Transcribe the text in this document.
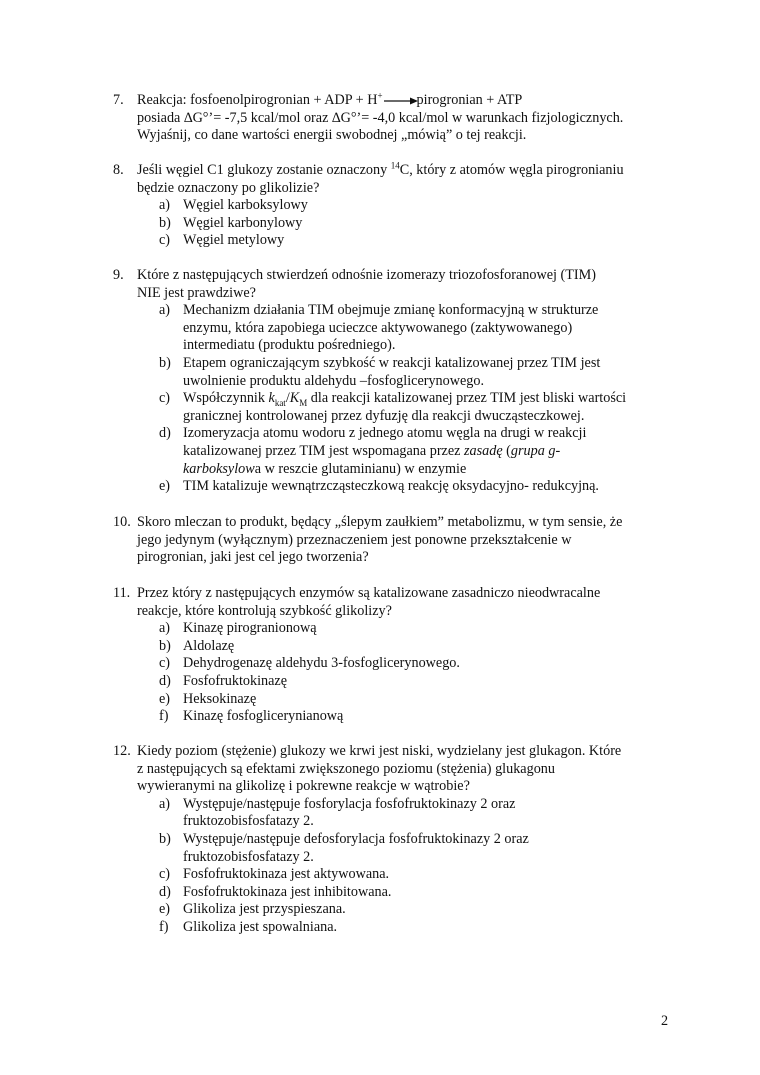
7. Reakcja: fosfoenolpirogronian + ADP + H+ →pirogronian + ATP
posiada ∆G°’= -7,5 kcal/mol oraz ∆G°’= -4,0 kcal/mol w warunkach fizjologicznych.
Wyjaśnij, co dane wartości energii swobodnej „mówią” o tej reakcji.
8. Jeśli węgiel C1 glukozy zostanie oznaczony $^{14}$C, który z atomów węgla pirogronianiu
będzie oznaczony po glikolizie?
a) Węgiel karboksylowy
b) Węgiel karbonylowy
c) Węgiel metylowy
9. Które z następujących stwierdzeń odnośnie izomerazy triozofosforanowej (TIM)
NIE jest prawdziwe?
a) Mechanizm działania TIM obejmuje zmianę konformacyjną w strukturze
enzymu, która zapobiega ucieczce aktywowanego (zaktywowanego)
intermediatu (produktu pośredniego).
b) Etapem ograniczającym szybkość w reakcji katalizowanej przez TIM jest
uwolnienie produktu aldehydu –fosfoglicerynowego.
c) Współczynnik $k_{kat}/K_M$ dla reakcji katalizowanej przez TIM jest bliski wartości
granicznej kontrolowanej przez dyfuzję dla reakcji dwucząsteczkowej.
d) Izomeryzacja atomu wodoru z jednego atomu węgla na drugi w reakcji
katalizowanej przez TIM jest wspomagana przez zasadę (grupa g-
karboksylowa w reszcie glutaminianu) w enzymie
e) TIM katalizuje wewnątrzcząsteczkową reakcję oksydacyjno- redukcyjną.
10. Skoro mleczan to produkt, będący „ślepym zaułkiem” metabolizmu, w tym sensie, że
jego jedynym (wyłącznym) przeznaczeniem jest ponowne przekształcenie w
pirogronian, jaki jest cel jego tworzenia?
11. Przez który z następujących enzymów są katalizowane zasadniczo nieodwracalne
reakcje, które kontrolują szybkość glikolizy?
a) Kinazę pirogranionową
b) Aldolazę
c) Dehydrogenazę aldehydu 3-fosfoglicerynowego.
d) Fosfofruktokinazę
e) Heksokinazę
f) Kinazę fosfoglicerynianową
12. Kiedy poziom (stężenie) glukozy we krwi jest niski, wydzielany jest glukagon. Które
z następujących są efektami zwiększonego poziomu (stężenia) glukagonu
wywieranymi na glikolizę i pokrewne reakcje w wątrobie?
a) Występuje/następuje fosforylacja fosfofruktokinazy 2 oraz
fruktozobisfosfatazy 2.
b) Występuje/następuje defosforylacja fosfofruktokinazy 2 oraz
fruktozobisfosfatazy 2.
c) Fosfofruktokinaza jest aktywowana.
d) Fosfofruktokinaza jest inhibitowana.
e) Glikoliza jest przyspieszana.
f) Glikoliza jest spowalniana.
2
